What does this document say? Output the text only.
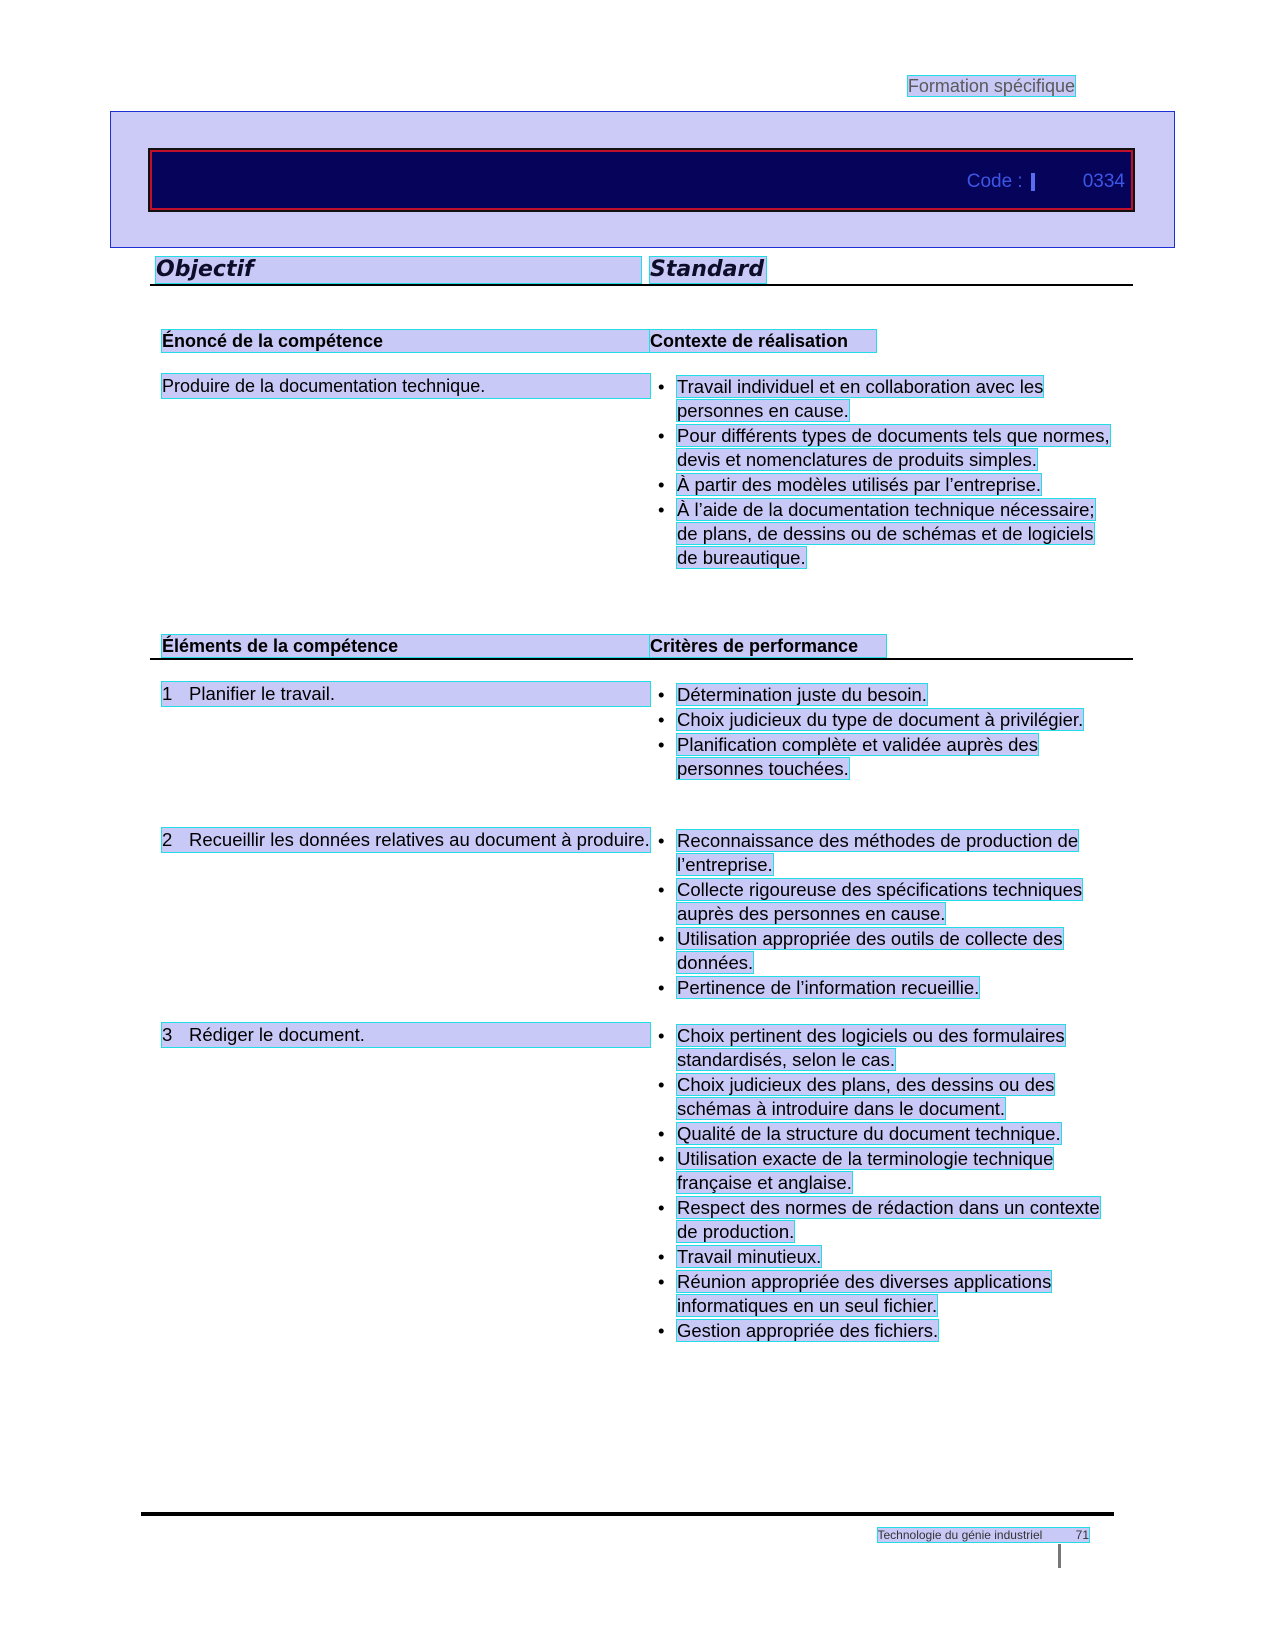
Formation spécifique
Code :	0334
Objectif	Standard
Énoncé de la compétence	Contexte de réalisation
Produire de la documentation technique.	• Travail individuel et en collaboration avec les personnes en cause.
• Pour différents types de documents tels que normes, devis et nomenclatures de produits simples.
• À partir des modèles utilisés par l’entreprise.
• À l’aide de la documentation technique nécessaire; de plans, de dessins ou de schémas et de logiciels de bureautique.
Éléments de la compétence	Critères de performance
1 Planifier le travail.	• Détermination juste du besoin.
• Choix judicieux du type de document à privilégier.
• Planification complète et validée auprès des personnes touchées.
2 Recueillir les données relatives au document à produire.	• Reconnaissance des méthodes de production de l’entreprise.
• Collecte rigoureuse des spécifications techniques auprès des personnes en cause.
• Utilisation appropriée des outils de collecte des données.
• Pertinence de l’information recueillie.
3 Rédiger le document.	• Choix pertinent des logiciels ou des formulaires standardisés, selon le cas.
• Choix judicieux des plans, des dessins ou des schémas à introduire dans le document.
• Qualité de la structure du document technique.
• Utilisation exacte de la terminologie technique française et anglaise.
• Respect des normes de rédaction dans un contexte de production.
• Travail minutieux.
• Réunion appropriée des diverses applications informatiques en un seul fichier.
• Gestion appropriée des fichiers.
Technologie du génie industriel	71
